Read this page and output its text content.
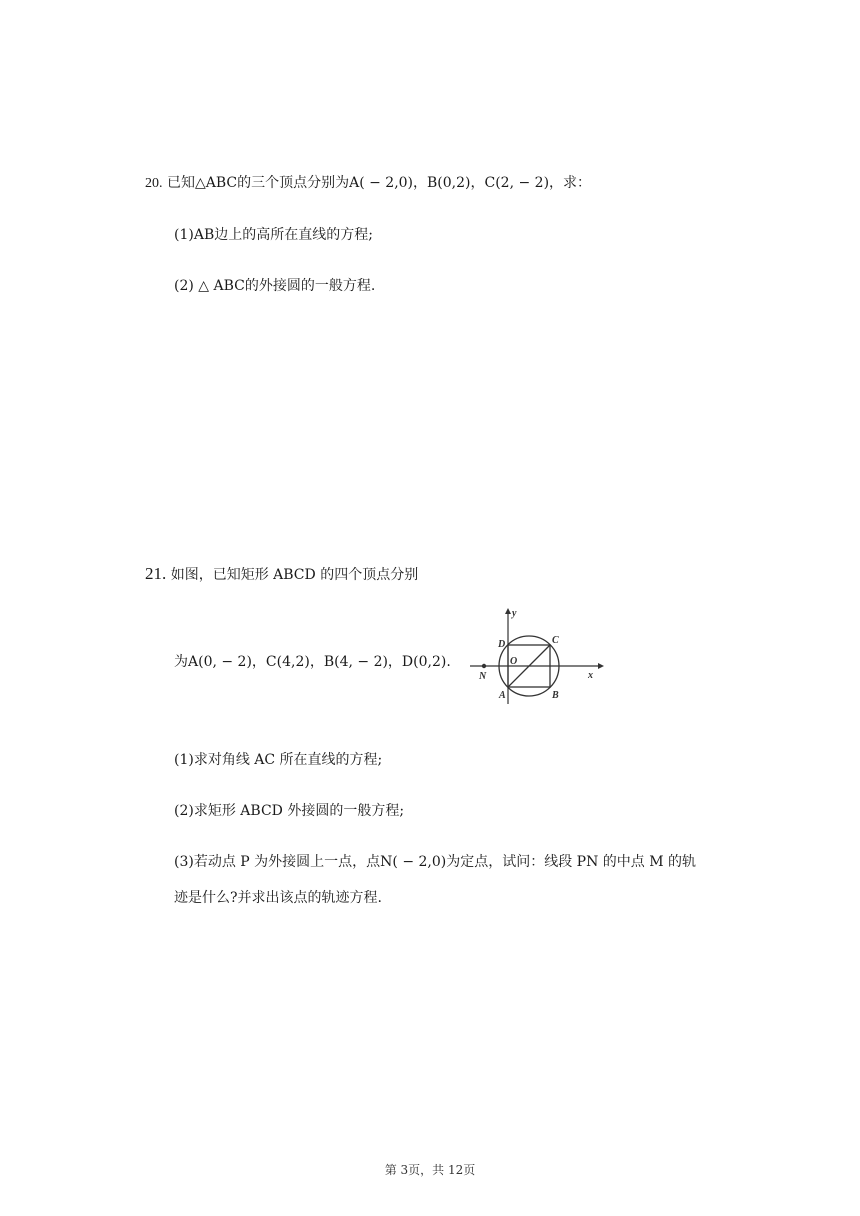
20. 已知△ABC的三个顶点分别为A( − 2,0)，B(0,2)，C(2, − 2)，求：
(1)AB边上的高所在直线的方程;
(2) △ ABC的外接圆的一般方程.
21. 如图，已知矩形 ABCD 的四个顶点分别
为A(0, − 2)，C(4,2)，B(4, − 2)，D(0,2).
y
x
O
D	C
A	B
N
(1)求对角线 AC 所在直线的方程;
(2)求矩形 ABCD 外接圆的一般方程;
(3)若动点 P 为外接圆上一点，点N( − 2,0)为定点，试问：线段 PN 的中点 M 的轨
迹是什么?并求出该点的轨迹方程.
第 3页，共 12页
